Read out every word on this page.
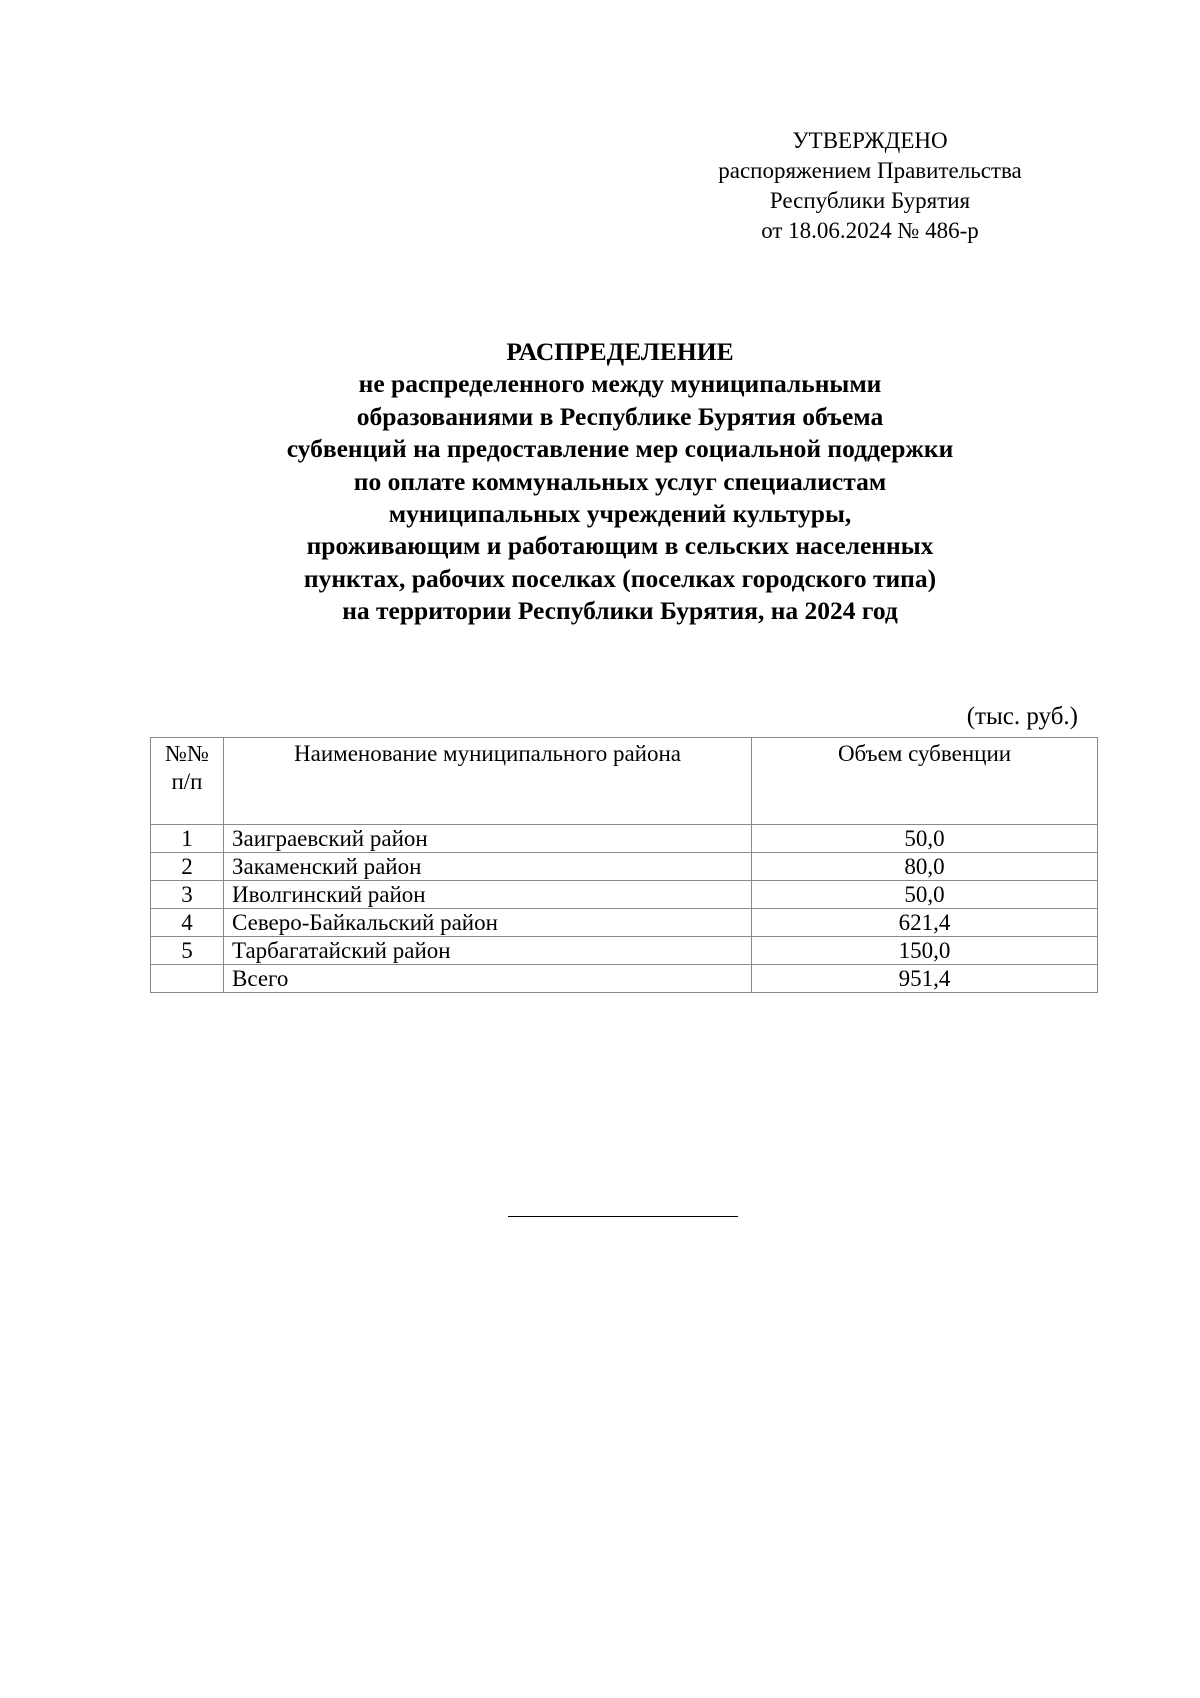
УТВЕРЖДЕНО
распоряжением Правительства
Республики Бурятия
от 18.06.2024 № 486-р
РАСПРЕДЕЛЕНИЕ
не распределенного между муниципальными
образованиями в Республике Бурятия объема
субвенций на предоставление мер социальной поддержки
по оплате коммунальных услуг специалистам
муниципальных учреждений культуры,
проживающим и работающим в сельских населенных
пунктах, рабочих поселках (поселках городского типа)
на территории Республики Бурятия, на 2024 год
(тыс. руб.)
№№
п/п	Наименование муниципального района	Объем субвенции
1	Заиграевский район	50,0
2	Закаменский район	80,0
3	Иволгинский район	50,0
4	Северо-Байкальский район	621,4
5	Тарбагатайский район	150,0
	Всего	951,4
